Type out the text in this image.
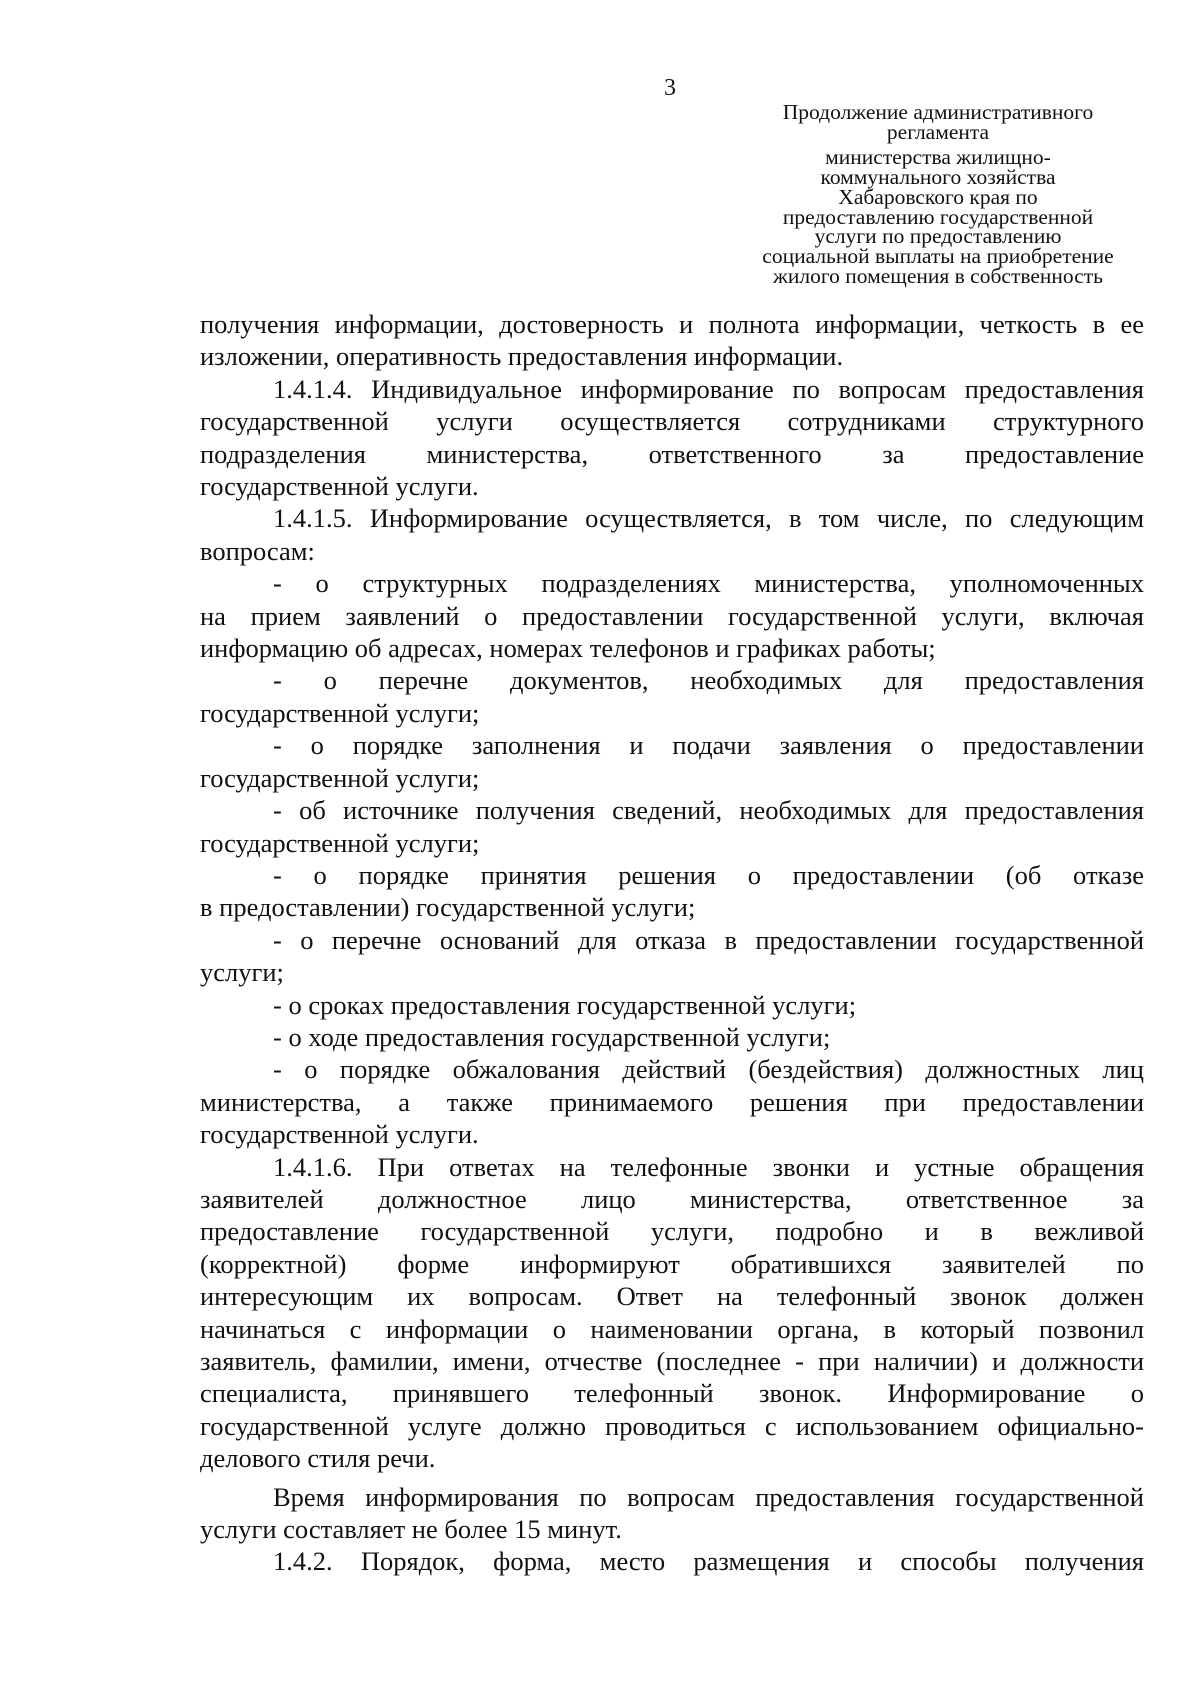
3
Продолжение административного
регламента
министерства жилищно-
коммунального хозяйства
Хабаровского края по
предоставлению государственной
услуги по предоставлению
социальной выплаты на приобретение
жилого помещения в собственность
получения информации, достоверность и полнота информации, четкость в ее
изложении, оперативность предоставления информации.
1.4.1.4. Индивидуальное информирование по вопросам предоставления
государственной услуги осуществляется сотрудниками структурного
подразделения министерства, ответственного за предоставление
государственной услуги.
1.4.1.5. Информирование осуществляется, в том числе, по следующим
вопросам:
- о структурных подразделениях министерства, уполномоченных
на прием заявлений о предоставлении государственной услуги, включая
информацию об адресах, номерах телефонов и графиках работы;
- о перечне документов, необходимых для предоставления
государственной услуги;
- о порядке заполнения и подачи заявления о предоставлении
государственной услуги;
- об источнике получения сведений, необходимых для предоставления
государственной услуги;
- о порядке принятия решения о предоставлении (об отказе
в предоставлении) государственной услуги;
- о перечне оснований для отказа в предоставлении государственной
услуги;
- о сроках предоставления государственной услуги;
- о ходе предоставления государственной услуги;
- о порядке обжалования действий (бездействия) должностных лиц
министерства, а также принимаемого решения при предоставлении
государственной услуги.
1.4.1.6. При ответах на телефонные звонки и устные обращения
заявителей должностное лицо министерства, ответственное за
предоставление государственной услуги, подробно и в вежливой
(корректной) форме информируют обратившихся заявителей по
интересующим их вопросам. Ответ на телефонный звонок должен
начинаться с информации о наименовании органа, в который позвонил
заявитель, фамилии, имени, отчестве (последнее - при наличии) и должности
специалиста, принявшего телефонный звонок. Информирование о
государственной услуге должно проводиться с использованием официально-
делового стиля речи.
Время информирования по вопросам предоставления государственной
услуги составляет не более 15 минут.
1.4.2. Порядок, форма, место размещения и способы получения
